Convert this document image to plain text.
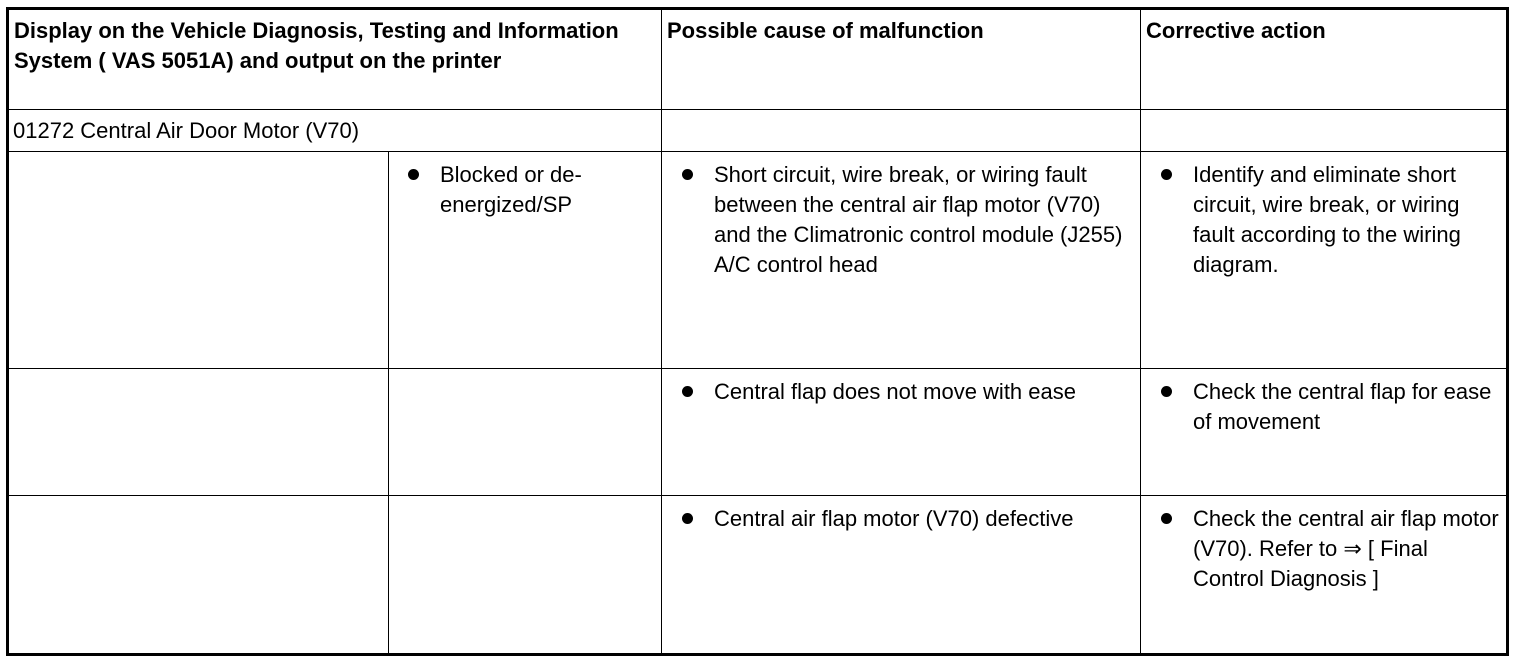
Display on the Vehicle Diagnosis, Testing and Information System ( VAS 5051A) and output on the printer		Possible cause of malfunction	Corrective action
01272 Central Air Door Motor (V70)			

	Blocked or de-energized/SP	Short circuit, wire break, or wiring fault between the central air flap motor (V70) and the Climatronic control module (J255) A/C control head	Identify and eliminate short circuit, wire break, or wiring fault according to the wiring diagram.

		Central flap does not move with ease	Check the central flap for ease of movement

		Central air flap motor (V70) defective	Check the central air flap motor (V70). Refer to ⇒ [ Final Control Diagnosis ]
